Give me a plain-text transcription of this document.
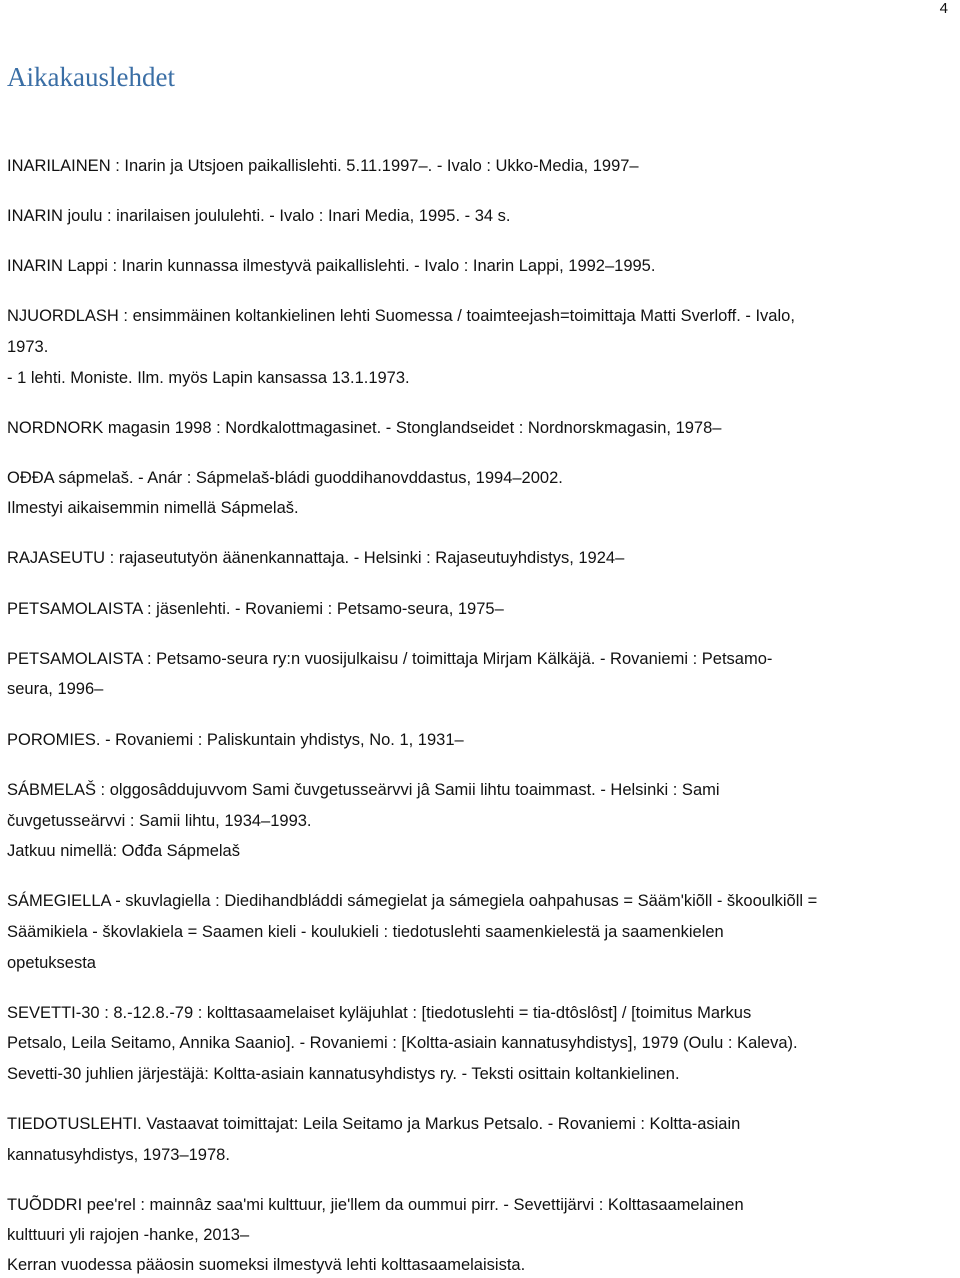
4
Aikakauslehdet
INARILAINEN : Inarin ja Utsjoen paikallislehti. 5.11.1997–. - Ivalo : Ukko-Media, 1997–
INARIN joulu : inarilaisen joululehti. - Ivalo : Inari Media, 1995. - 34 s.
INARIN Lappi : Inarin kunnassa ilmestyvä paikallislehti. - Ivalo : Inarin Lappi, 1992–1995.
NJUORDLASH : ensimmäinen koltankielinen lehti Suomessa / toaimteejash=toimittaja Matti Sverloff. - Ivalo,
1973.
- 1 lehti. Moniste. Ilm. myös Lapin kansassa 13.1.1973.
NORDNORK magasin 1998 : Nordkalottmagasinet. - Stonglandseidet : Nordnorskmagasin, 1978–
OĐĐA sápmelaš. - Anár : Sápmelaš-bládi guoddihanovddastus, 1994–2002.
Ilmestyi aikaisemmin nimellä Sápmelaš.
RAJASEUTU : rajaseututyön äänenkannattaja. - Helsinki : Rajaseutuyhdistys, 1924–
PETSAMOLAISTA : jäsenlehti. - Rovaniemi : Petsamo-seura, 1975–
PETSAMOLAISTA : Petsamo-seura ry:n vuosijulkaisu / toimittaja Mirjam Kälkäjä. - Rovaniemi : Petsamo-
seura, 1996–
POROMIES. - Rovaniemi : Paliskuntain yhdistys, No. 1, 1931–
SÁBMELAŠ : olggosâddujuvvom Sami čuvgetusseärvvi jâ Samii lihtu toaimmast. - Helsinki : Sami
čuvgetusseärvvi : Samii lihtu, 1934–1993.
Jatkuu nimellä: Ođđa Sápmelaš
SÁMEGIELLA - skuvlagiella : Diedihandbláddi sámegielat ja sámegiela oahpahusas = Sääm'kiõll - škooulkiõll =
Säämikiela - škovlakiela = Saamen kieli - koulukieli : tiedotuslehti saamenkielestä ja saamenkielen
opetuksesta
SEVETTI-30 : 8.-12.8.-79 : kolttasaamelaiset kyläjuhlat : [tiedotuslehti = tia-dtôslôst] / [toimitus Markus
Petsalo, Leila Seitamo, Annika Saanio]. - Rovaniemi : [Koltta-asiain kannatusyhdistys], 1979 (Oulu : Kaleva).
Sevetti-30 juhlien järjestäjä: Koltta-asiain kannatusyhdistys ry. - Teksti osittain koltankielinen.
TIEDOTUSLEHTI. Vastaavat toimittajat: Leila Seitamo ja Markus Petsalo. - Rovaniemi : Koltta-asiain
kannatusyhdistys, 1973–1978.
TUÕDDRI pee'rel : mainnâz saa'mi kulttuur, jie'llem da oummui pirr. - Sevettijärvi : Kolttasaamelainen
kulttuuri yli rajojen -hanke, 2013–
Kerran vuodessa pääosin suomeksi ilmestyvä lehti kolttasaamelaisista.
